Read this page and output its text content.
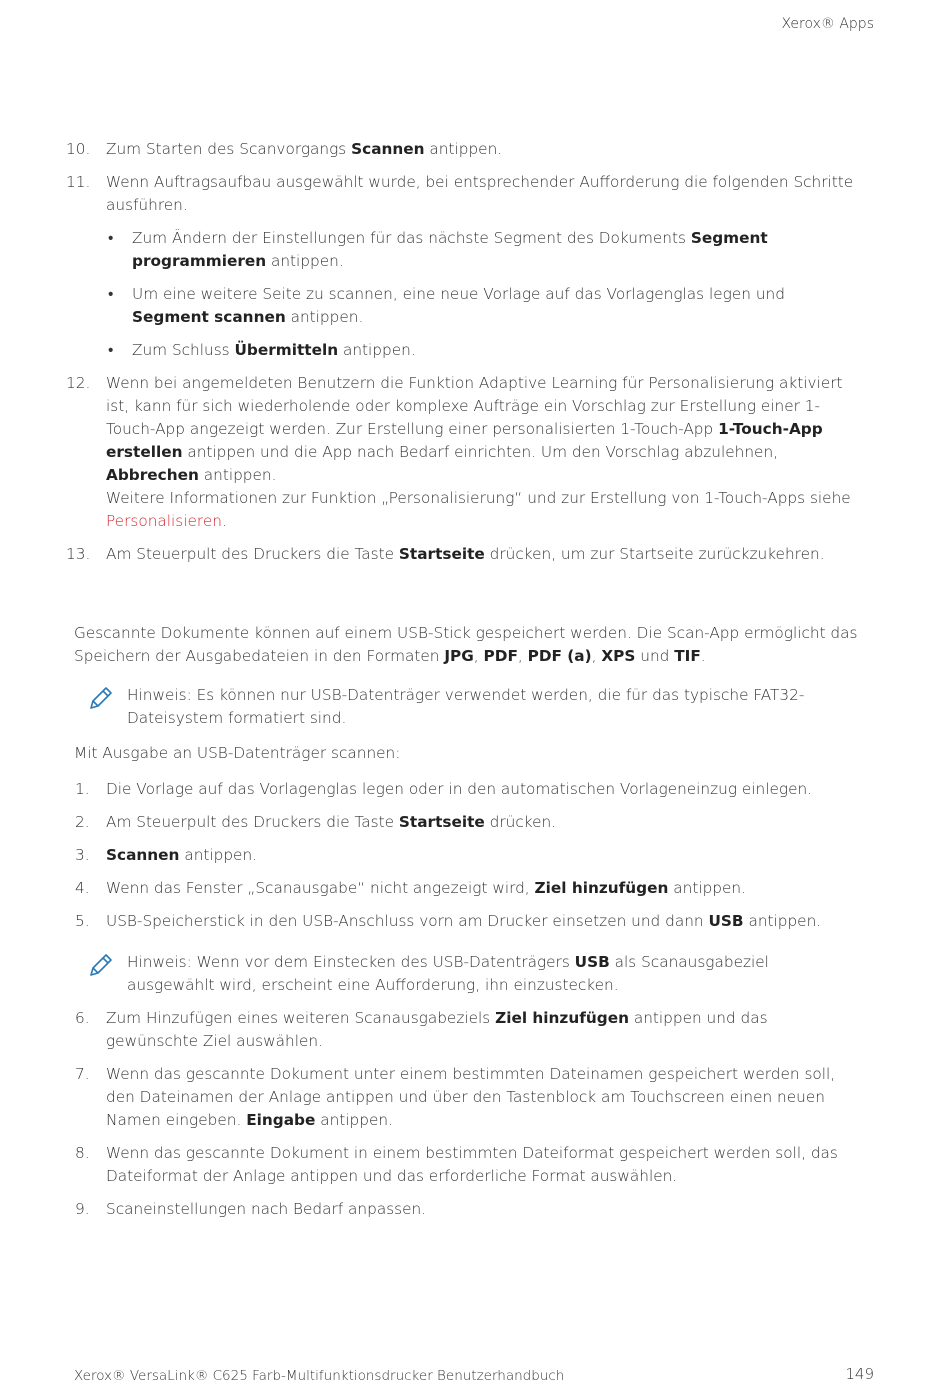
Xerox® Apps
10. Zum Starten des Scanvorgangs Scannen antippen.
11. Wenn Auftragsaufbau ausgewählt wurde, bei entsprechender Aufforderung die folgenden Schritte ausführen.
• Zum Ändern der Einstellungen für das nächste Segment des Dokuments Segment programmieren antippen.
• Um eine weitere Seite zu scannen, eine neue Vorlage auf das Vorlagenglas legen und Segment scannen antippen.
• Zum Schluss Übermitteln antippen.
12. Wenn bei angemeldeten Benutzern die Funktion Adaptive Learning für Personalisierung aktiviert ist, kann für sich wiederholende oder komplexe Aufträge ein Vorschlag zur Erstellung einer 1-Touch-App angezeigt werden. Zur Erstellung einer personalisierten 1-Touch-App 1-Touch-App erstellen antippen und die App nach Bedarf einrichten. Um den Vorschlag abzulehnen, Abbrechen antippen.
Weitere Informationen zur Funktion „Personalisierung“ und zur Erstellung von 1-Touch-Apps siehe Personalisieren.
13. Am Steuerpult des Druckers die Taste Startseite drücken, um zur Startseite zurückzukehren.
Gescannte Dokumente können auf einem USB-Stick gespeichert werden. Die Scan-App ermöglicht das Speichern der Ausgabedateien in den Formaten JPG, PDF, PDF (a), XPS und TIF.
Hinweis: Es können nur USB-Datenträger verwendet werden, die für das typische FAT32-Dateisystem formatiert sind.
Mit Ausgabe an USB-Datenträger scannen:
1. Die Vorlage auf das Vorlagenglas legen oder in den automatischen Vorlageneinzug einlegen.
2. Am Steuerpult des Druckers die Taste Startseite drücken.
3. Scannen antippen.
4. Wenn das Fenster „Scanausgabe“ nicht angezeigt wird, Ziel hinzufügen antippen.
5. USB-Speicherstick in den USB-Anschluss vorn am Drucker einsetzen und dann USB antippen.
Hinweis: Wenn vor dem Einstecken des USB-Datenträgers USB als Scanausgabeziel ausgewählt wird, erscheint eine Aufforderung, ihn einzustecken.
6. Zum Hinzufügen eines weiteren Scanausgabeziels Ziel hinzufügen antippen und das gewünschte Ziel auswählen.
7. Wenn das gescannte Dokument unter einem bestimmten Dateinamen gespeichert werden soll, den Dateinamen der Anlage antippen und über den Tastenblock am Touchscreen einen neuen Namen eingeben. Eingabe antippen.
8. Wenn das gescannte Dokument in einem bestimmten Dateiformat gespeichert werden soll, das Dateiformat der Anlage antippen und das erforderliche Format auswählen.
9. Scaneinstellungen nach Bedarf anpassen.
Xerox® VersaLink® C625 Farb-Multifunktionsdrucker Benutzerhandbuch	149
